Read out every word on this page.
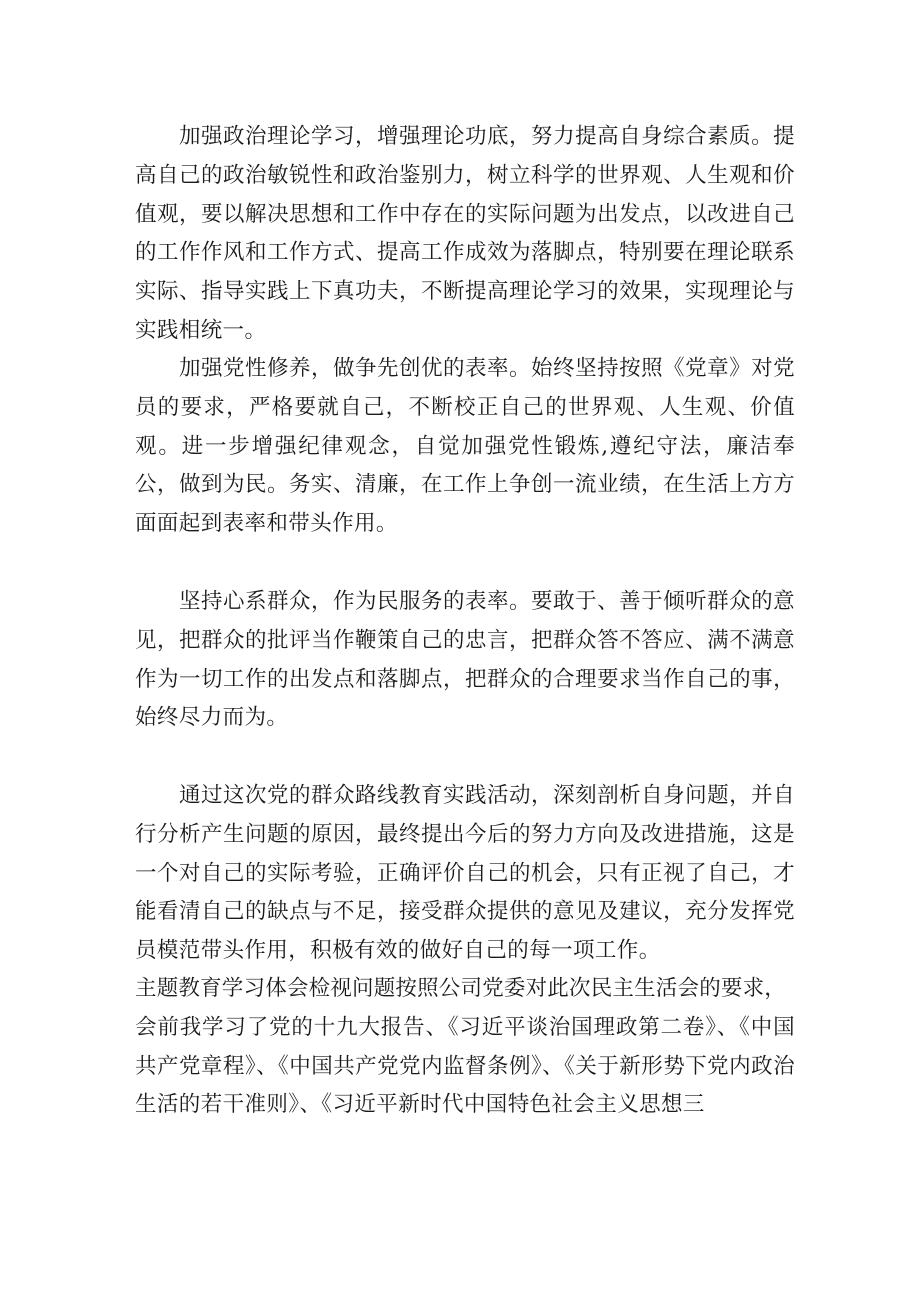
加强政治理论学习，增强理论功底，努力提高自身综合素质。提高自己的政治敏锐性和政治鉴别力，树立科学的世界观、人生观和价值观，要以解决思想和工作中存在的实际问题为出发点，以改进自己的工作作风和工作方式、提高工作成效为落脚点，特别要在理论联系实际、指导实践上下真功夫，不断提高理论学习的效果，实现理论与实践相统一。

加强党性修养，做争先创优的表率。始终坚持按照《党章》对党员的要求，严格要就自己，不断校正自己的世界观、人生观、价值观。进一步增强纪律观念，自觉加强党性锻炼,遵纪守法，廉洁奉公，做到为民。务实、清廉，在工作上争创一流业绩，在生活上方方面面起到表率和带头作用。

坚持心系群众，作为民服务的表率。要敢于、善于倾听群众的意见，把群众的批评当作鞭策自己的忠言，把群众答不答应、满不满意作为一切工作的出发点和落脚点，把群众的合理要求当作自己的事，始终尽力而为。

通过这次党的群众路线教育实践活动，深刻剖析自身问题，并自行分析产生问题的原因，最终提出今后的努力方向及改进措施，这是一个对自己的实际考验，正确评价自己的机会，只有正视了自己，才能看清自己的缺点与不足，接受群众提供的意见及建议，充分发挥党员模范带头作用，积极有效的做好自己的每一项工作。

主题教育学习体会检视问题按照公司党委对此次民主生活会的要求，
会前我学习了党的十九大报告、《习近平谈治国理政第二卷》、《中国共产党章程》、《中国共产党党内监督条例》、《关于新形势下党内政治生活的若干准则》、《习近平新时代中国特色社会主义思想三
